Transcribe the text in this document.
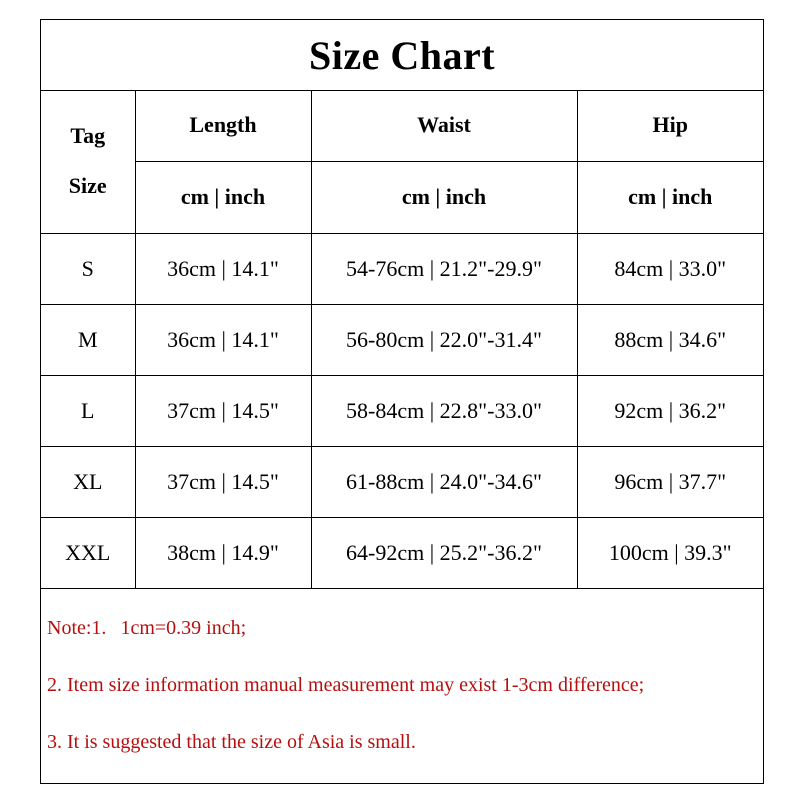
Size Chart
Tag
Size	Length	Waist	Hip
	cm | inch	cm | inch	cm | inch
S	36cm | 14.1"	54-76cm | 21.2"-29.9"	84cm | 33.0"
M	36cm | 14.1"	56-80cm | 22.0"-31.4"	88cm | 34.6"
L	37cm | 14.5"	58-84cm | 22.8"-33.0"	92cm | 36.2"
XL	37cm | 14.5"	61-88cm | 24.0"-34.6"	96cm | 37.7"
XXL	38cm | 14.9"	64-92cm | 25.2"-36.2"	100cm | 39.3"
Note:1. 1cm=0.39 inch;
2. Item size information manual measurement may exist 1-3cm difference;
3. It is suggested that the size of Asia is small.
